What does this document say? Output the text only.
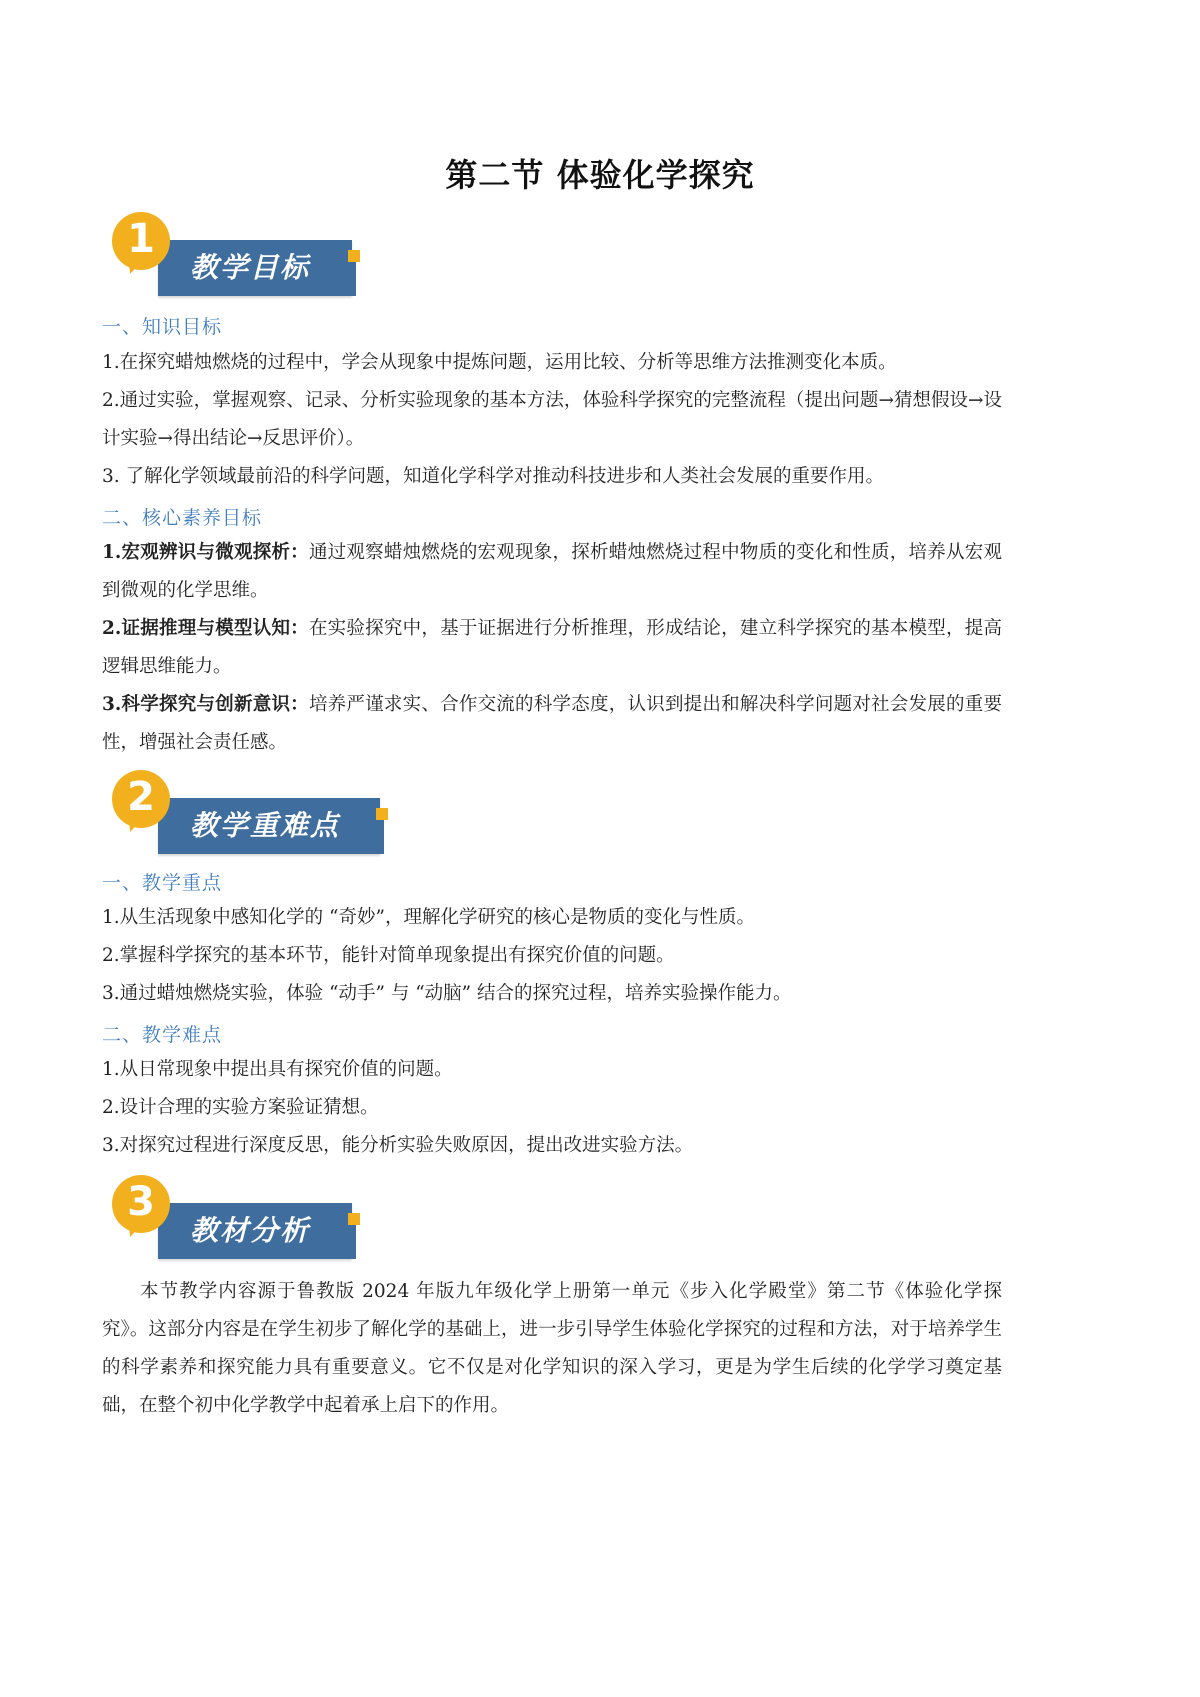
第二节 体验化学探究
1
教学目标
一、知识目标
1.在探究蜡烛燃烧的过程中，学会从现象中提炼问题，运用比较、分析等思维方法推测变化本质。
2.通过实验，掌握观察、记录、分析实验现象的基本方法，体验科学探究的完整流程（提出问题→猜想假设→设计实验→得出结论→反思评价）。
3. 了解化学领域最前沿的科学问题，知道化学科学对推动科技进步和人类社会发展的重要作用。
二、核心素养目标
1.宏观辨识与微观探析：通过观察蜡烛燃烧的宏观现象，探析蜡烛燃烧过程中物质的变化和性质，培养从宏观到微观的化学思维。
2.证据推理与模型认知：在实验探究中，基于证据进行分析推理，形成结论，建立科学探究的基本模型，提高逻辑思维能力。
3.科学探究与创新意识：培养严谨求实、合作交流的科学态度，认识到提出和解决科学问题对社会发展的重要性，增强社会责任感。
2
教学重难点
一、教学重点
1.从生活现象中感知化学的 “奇妙”，理解化学研究的核心是物质的变化与性质。
2.掌握科学探究的基本环节，能针对简单现象提出有探究价值的问题。
3.通过蜡烛燃烧实验，体验 “动手” 与 “动脑” 结合的探究过程，培养实验操作能力。
二、教学难点
1.从日常现象中提出具有探究价值的问题。
2.设计合理的实验方案验证猜想。
3.对探究过程进行深度反思，能分析实验失败原因，提出改进实验方法。
3
教材分析
本节教学内容源于鲁教版 2024 年版九年级化学上册第一单元《步入化学殿堂》第二节《体验化学探究》。这部分内容是在学生初步了解化学的基础上，进一步引导学生体验化学探究的过程和方法，对于培养学生的科学素养和探究能力具有重要意义。它不仅是对化学知识的深入学习，更是为学生后续的化学学习奠定基础，在整个初中化学教学中起着承上启下的作用。
